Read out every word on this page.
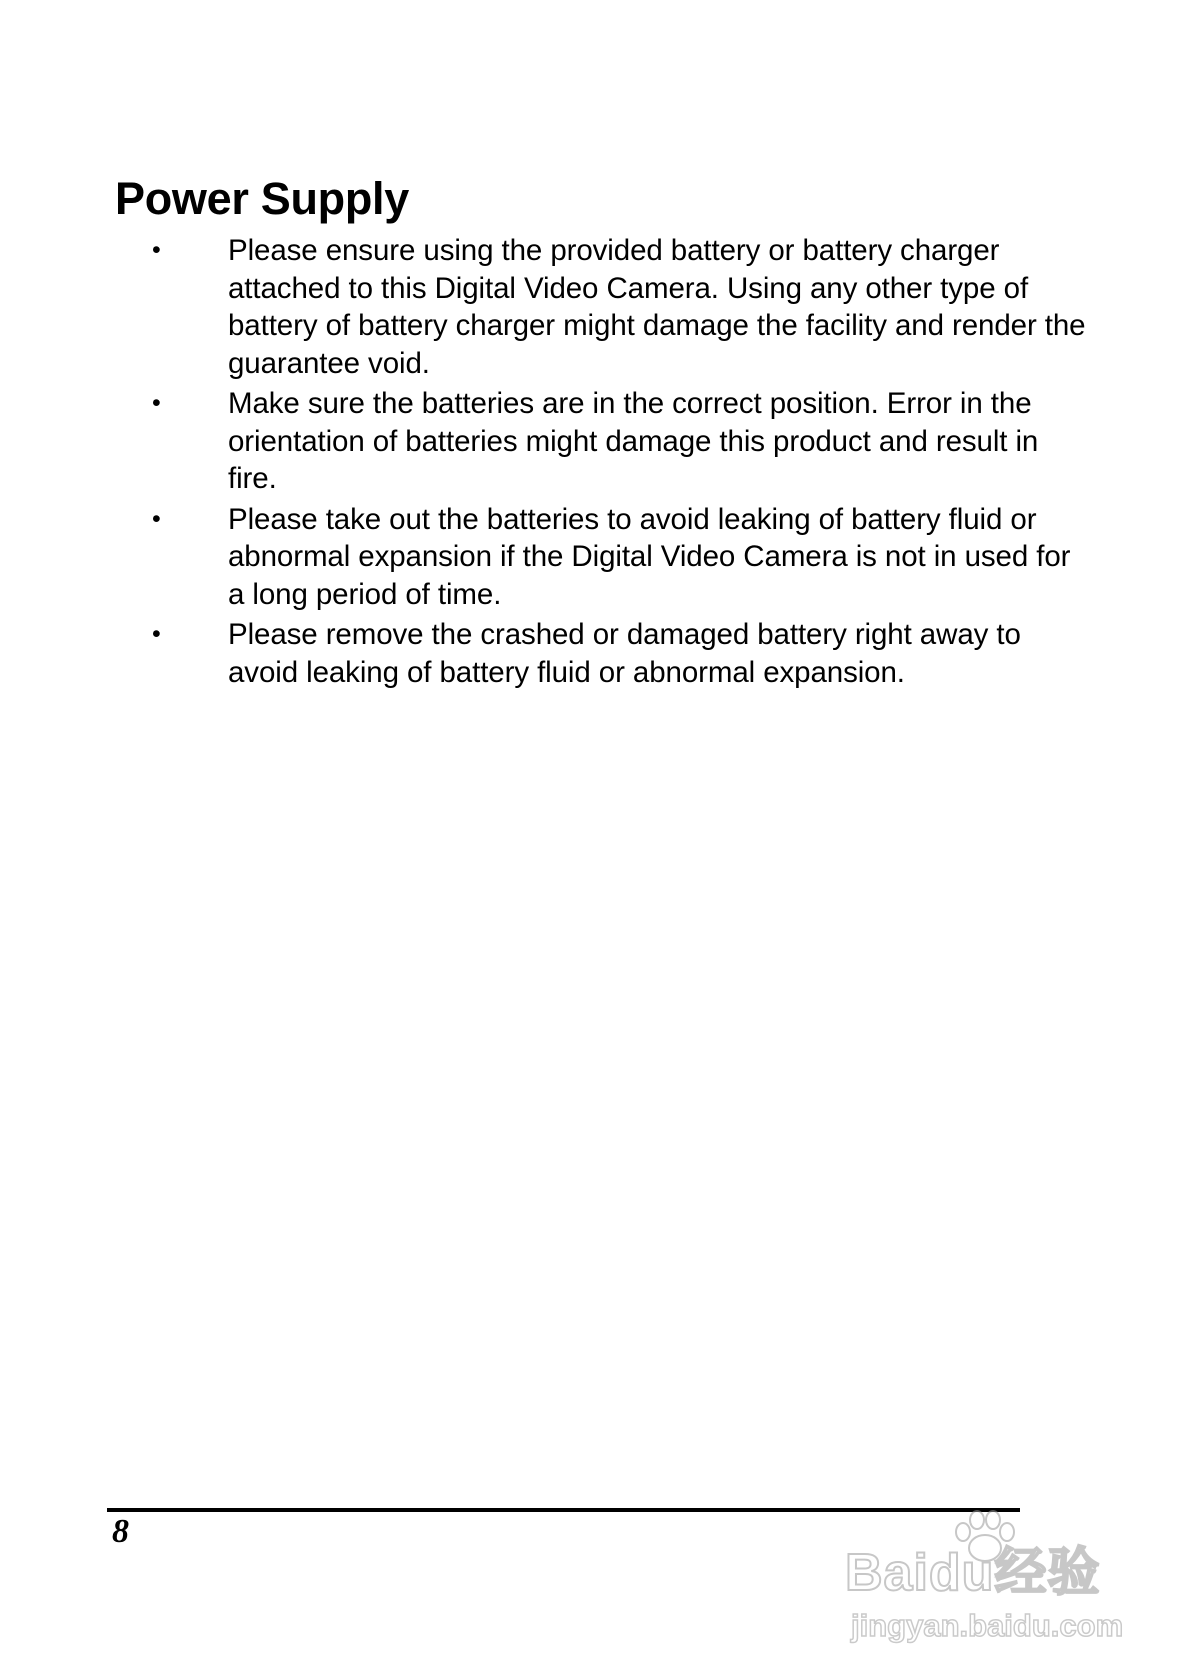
Power Supply
•	Please ensure using the provided battery or battery charger attached to this Digital Video Camera. Using any other type of battery of battery charger might damage the facility and render the guarantee void.
•	Make sure the batteries are in the correct position. Error in the orientation of batteries might damage this product and result in fire.
•	Please take out the batteries to avoid leaking of battery fluid or abnormal expansion if the Digital Video Camera is not in used for a long period of time.
•	Please remove the crashed or damaged battery right away to avoid leaking of battery fluid or abnormal expansion.
8
Baidu经验
jingyan.baidu.com
